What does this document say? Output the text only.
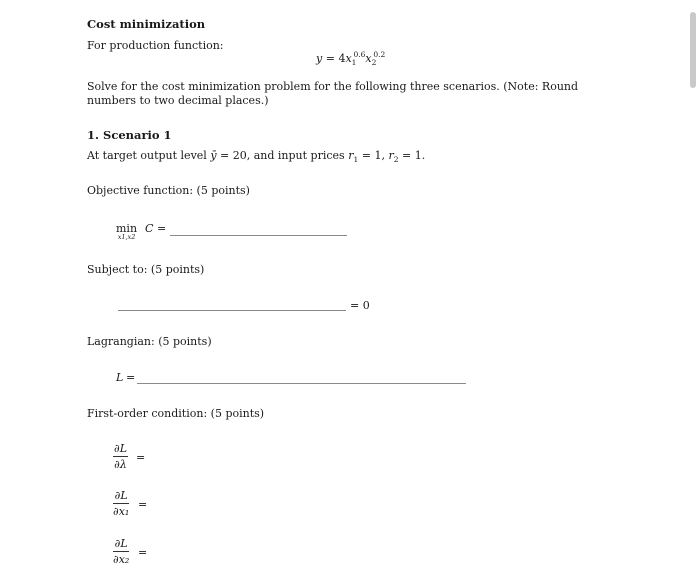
Cost minimization
For production function:
$y = 4x_1^{0.6}x_2^{0.2}$
Solve for the cost minimization problem for the following three scenarios. (Note: Round numbers to two decimal places.)
1. Scenario 1
At target output level ȳ = 20, and input prices $r_1 = 1$, $r_2 = 1$.
Objective function: (5 points)
min
x1,x2
C =
Subject to: (5 points)
= 0
Lagrangian: (5 points)
L =
First-order condition: (5 points)
$\frac{\partial L}{\partial\lambda}$ =
$\frac{\partial L}{\text{∂x₁}}$ =
$\frac{\partial L}{\text{∂x₂}}$ =
